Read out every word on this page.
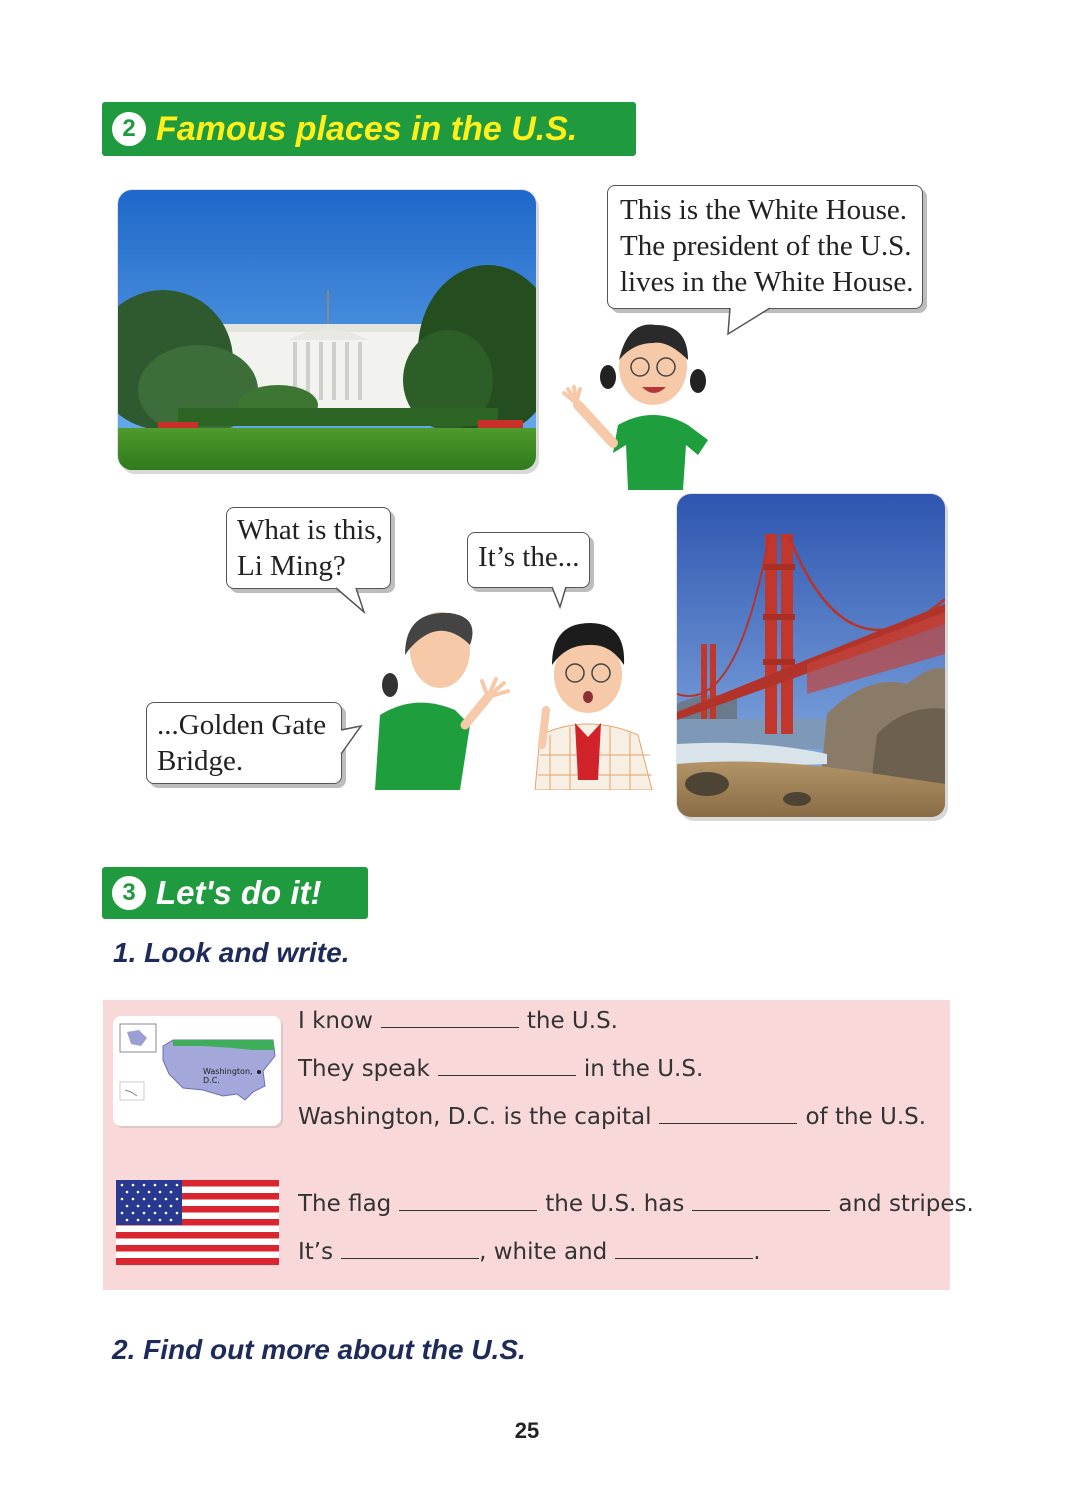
2 Famous places in the U.S.
This is the White House.
The president of the U.S.
lives in the White House.
What is this,
Li Ming?	It’s the...
...Golden Gate
Bridge.
3 Let's do it!
1. Look and write.
Washington, D.C.
I know	the U.S.
They speak	in the U.S.
Washington, D.C. is the capital	of the U.S.
The flag	the U.S. has	and stripes.
It’s	, white and	.
2. Find out more about the U.S.
25
